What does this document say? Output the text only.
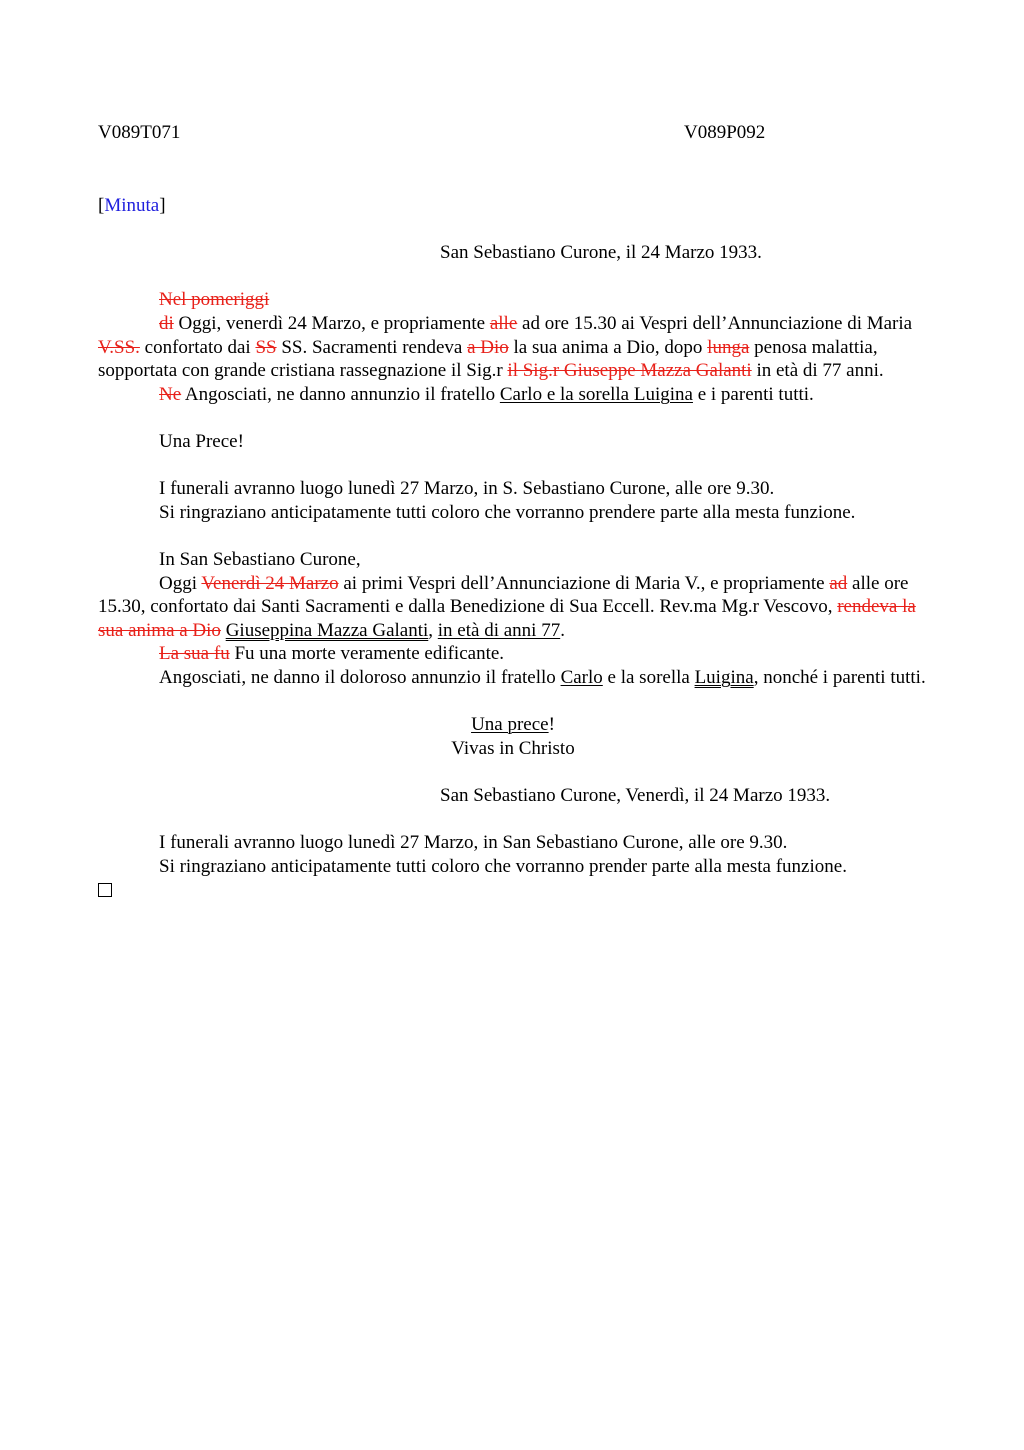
V089T071	V089P092

[Minuta]

San Sebastiano Curone, il 24 Marzo 1933.

Nel pomeriggi

di Oggi, venerdì 24 Marzo, e propriamente alle ad ore 15.30 ai Vespri dell’Annunciazione di Maria V.SS. confortato dai SS SS. Sacramenti rendeva a Dio la sua anima a Dio, dopo lunga penosa malattia, sopportata con grande cristiana rassegnazione il Sig.r il Sig.r Giuseppe Mazza Galanti in età di 77 anni.

Ne Angosciati, ne danno annunzio il fratello Carlo e la sorella Luigina e i parenti tutti.

Una Prece!

I funerali avranno luogo lunedì 27 Marzo, in S. Sebastiano Curone, alle ore 9.30.

Si ringraziano anticipatamente tutti coloro che vorranno prendere parte alla mesta funzione.

In San Sebastiano Curone,

Oggi Venerdì 24 Marzo ai primi Vespri dell’Annunciazione di Maria V., e propriamente ad alle ore 15.30, confortato dai Santi Sacramenti e dalla Benedizione di Sua Eccell. Rev.ma Mg.r Vescovo, rendeva la sua anima a Dio Giuseppina Mazza Galanti, in età di anni 77.

La sua fu Fu una morte veramente edificante.

Angosciati, ne danno il doloroso annunzio il fratello Carlo e la sorella Luigina, nonché i parenti tutti.

Una prece!

Vivas in Christo

San Sebastiano Curone, Venerdì, il 24 Marzo 1933.

I funerali avranno luogo lunedì 27 Marzo, in San Sebastiano Curone, alle ore 9.30.

Si ringraziano anticipatamente tutti coloro che vorranno prender parte alla mesta funzione.
